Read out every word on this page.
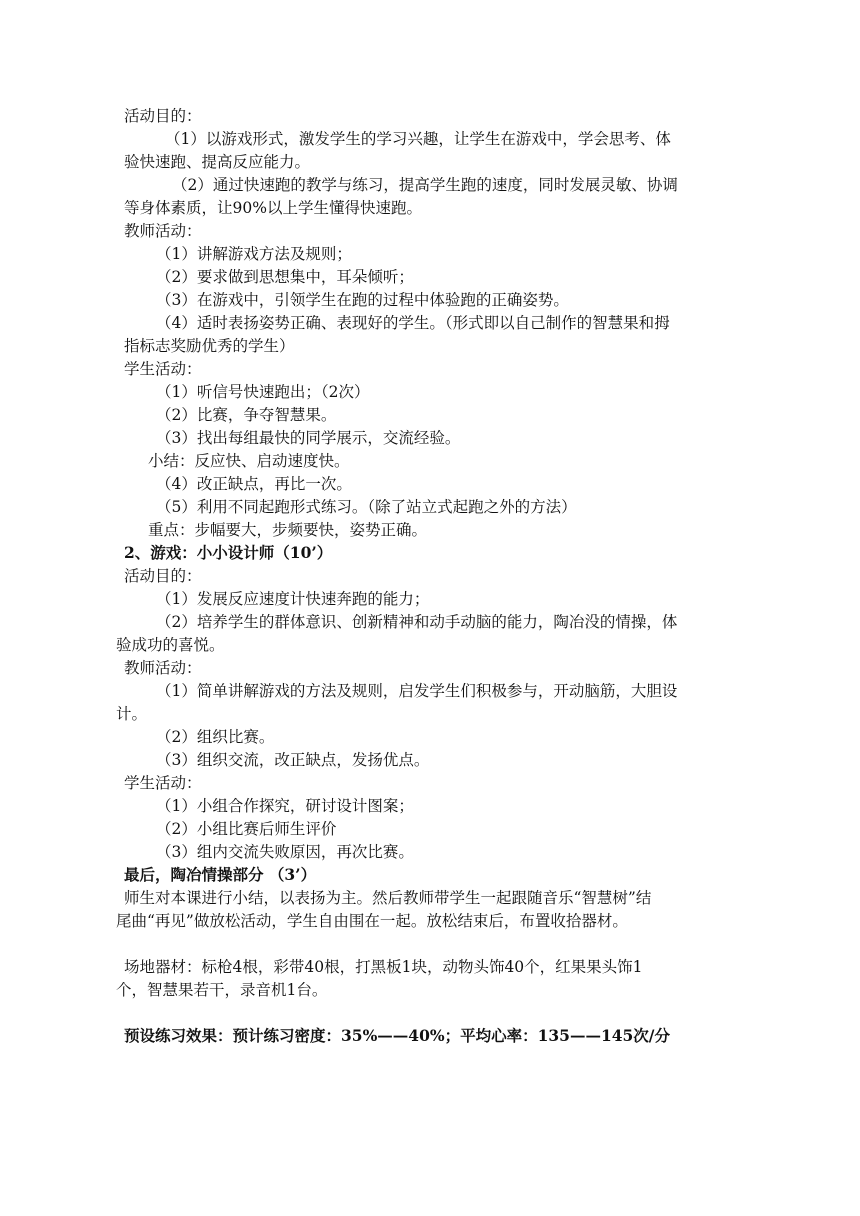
活动目的：
（1）以游戏形式，激发学生的学习兴趣，让学生在游戏中，学会思考、体
验快速跑、提高反应能力。
（2）通过快速跑的教学与练习，提高学生跑的速度，同时发展灵敏、协调
等身体素质，让90%以上学生懂得快速跑。
教师活动：
（1）讲解游戏方法及规则；
（2）要求做到思想集中，耳朵倾听；
（3）在游戏中，引领学生在跑的过程中体验跑的正确姿势。
（4）适时表扬姿势正确、表现好的学生。（形式即以自己制作的智慧果和拇
指标志奖励优秀的学生）
学生活动：
（1）听信号快速跑出；（2次）
（2）比赛，争夺智慧果。
（3）找出每组最快的同学展示，交流经验。
小结：反应快、启动速度快。
（4）改正缺点，再比一次。
（5）利用不同起跑形式练习。（除了站立式起跑之外的方法）
重点：步幅要大，步频要快，姿势正确。
2、游戏：小小设计师（10’）
活动目的：
（1）发展反应速度计快速奔跑的能力；
（2）培养学生的群体意识、创新精神和动手动脑的能力，陶冶没的情操，体
验成功的喜悦。
教师活动：
（1）简单讲解游戏的方法及规则，启发学生们积极参与，开动脑筋，大胆设
计。
（2）组织比赛。
（3）组织交流，改正缺点，发扬优点。
学生活动：
（1）小组合作探究，研讨设计图案；
（2）小组比赛后师生评价
（3）组内交流失败原因，再次比赛。
最后，陶冶情操部分 （3’）
师生对本课进行小结，以表扬为主。然后教师带学生一起跟随音乐“智慧树”结
尾曲“再见”做放松活动，学生自由围在一起。放松结束后，布置收拾器材。
场地器材：标枪4根，彩带40根，打黑板1块，动物头饰40个，红果果头饰1
个，智慧果若干，录音机1台。
预设练习效果：预计练习密度：35%——40%；平均心率：135——145次/分
